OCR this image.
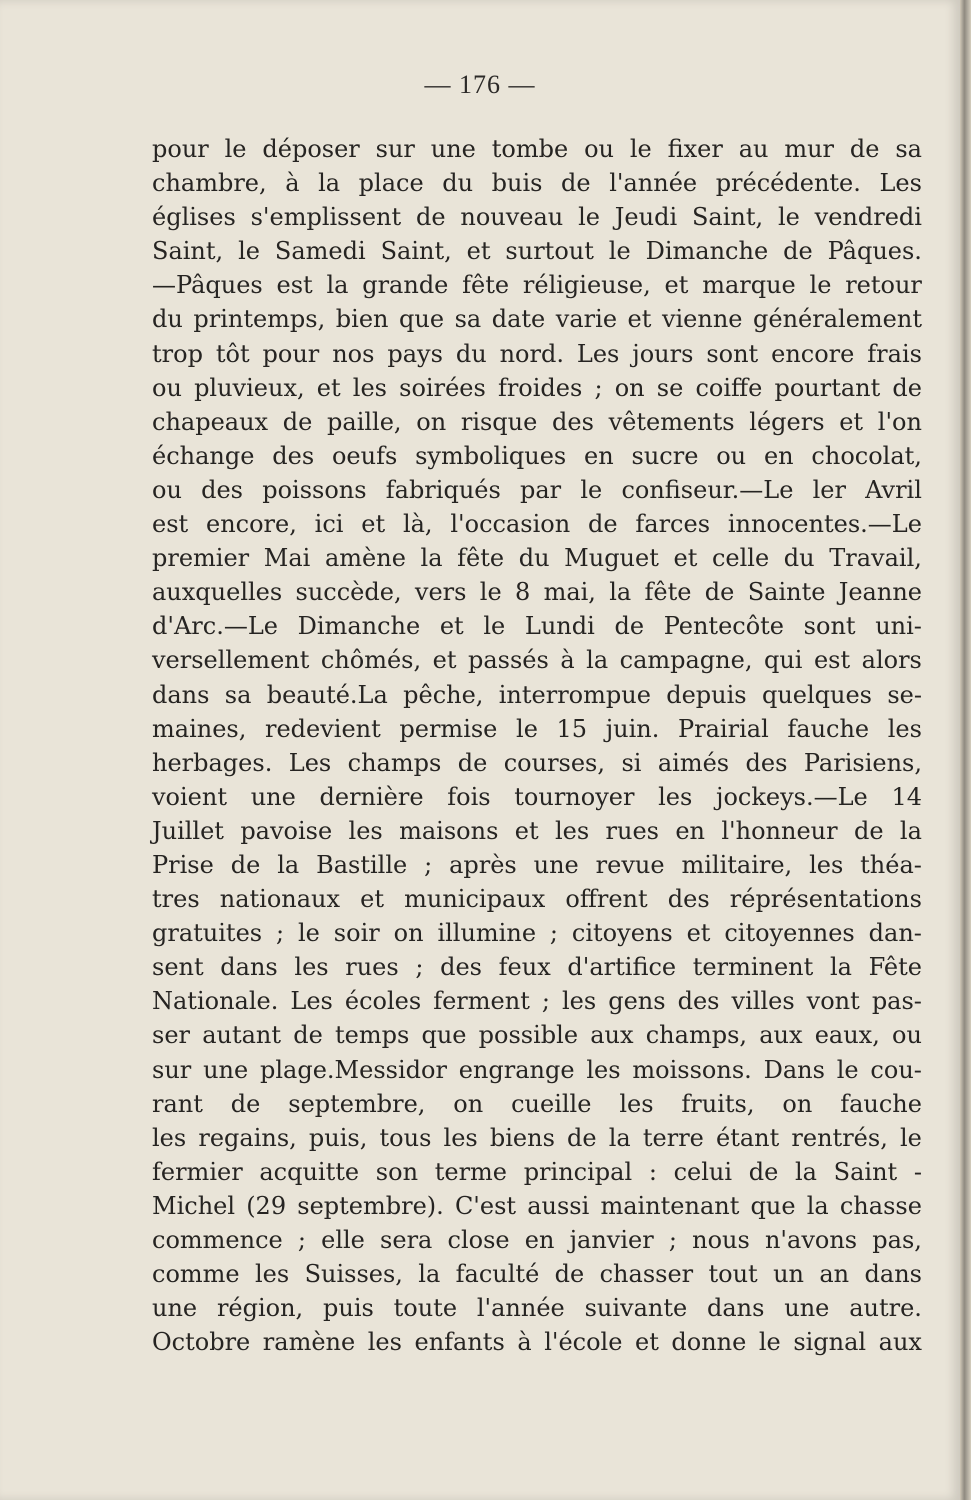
— 176 —
pour le déposer sur une tombe ou le fixer au mur de sa
chambre, à la place du buis de l'année précédente. Les
églises s'emplissent de nouveau le Jeudi Saint, le vendredi
Saint, le Samedi Saint, et surtout le Dimanche de Pâques.
—Pâques est la grande fête réligieuse, et marque le retour
du printemps, bien que sa date varie et vienne généralement
trop tôt pour nos pays du nord. Les jours sont encore frais
ou pluvieux, et les soirées froides ; on se coiffe pourtant de
chapeaux de paille, on risque des vêtements légers et l'on
échange des oeufs symboliques en sucre ou en chocolat,
ou des poissons fabriqués par le confiseur.—Le ler Avril
est encore, ici et là, l'occasion de farces innocentes.—Le
premier Mai amène la fête du Muguet et celle du Travail,
auxquelles succède, vers le 8 mai, la fête de Sainte Jeanne
d'Arc.—Le Dimanche et le Lundi de Pentecôte sont uni-
versellement chômés, et passés à la campagne, qui est alors
dans sa beauté.La pêche, interrompue depuis quelques se-
maines, redevient permise le 15 juin. Prairial fauche les
herbages. Les champs de courses, si aimés des Parisiens,
voient une dernière fois tournoyer les jockeys.—Le 14
Juillet pavoise les maisons et les rues en l'honneur de la
Prise de la Bastille ; après une revue militaire, les théa-
tres nationaux et municipaux offrent des réprésentations
gratuites ; le soir on illumine ; citoyens et citoyennes dan-
sent dans les rues ; des feux d'artifice terminent la Fête
Nationale. Les écoles ferment ; les gens des villes vont pas-
ser autant de temps que possible aux champs, aux eaux, ou
sur une plage.Messidor engrange les moissons. Dans le cou-
rant de septembre, on cueille les fruits, on fauche
les regains, puis, tous les biens de la terre étant rentrés, le
fermier acquitte son terme principal : celui de la Saint -
Michel (29 septembre). C'est aussi maintenant que la chasse
commence ; elle sera close en janvier ; nous n'avons pas,
comme les Suisses, la faculté de chasser tout un an dans
une région, puis toute l'année suivante dans une autre.
Octobre ramène les enfants à l'école et donne le signal aux
